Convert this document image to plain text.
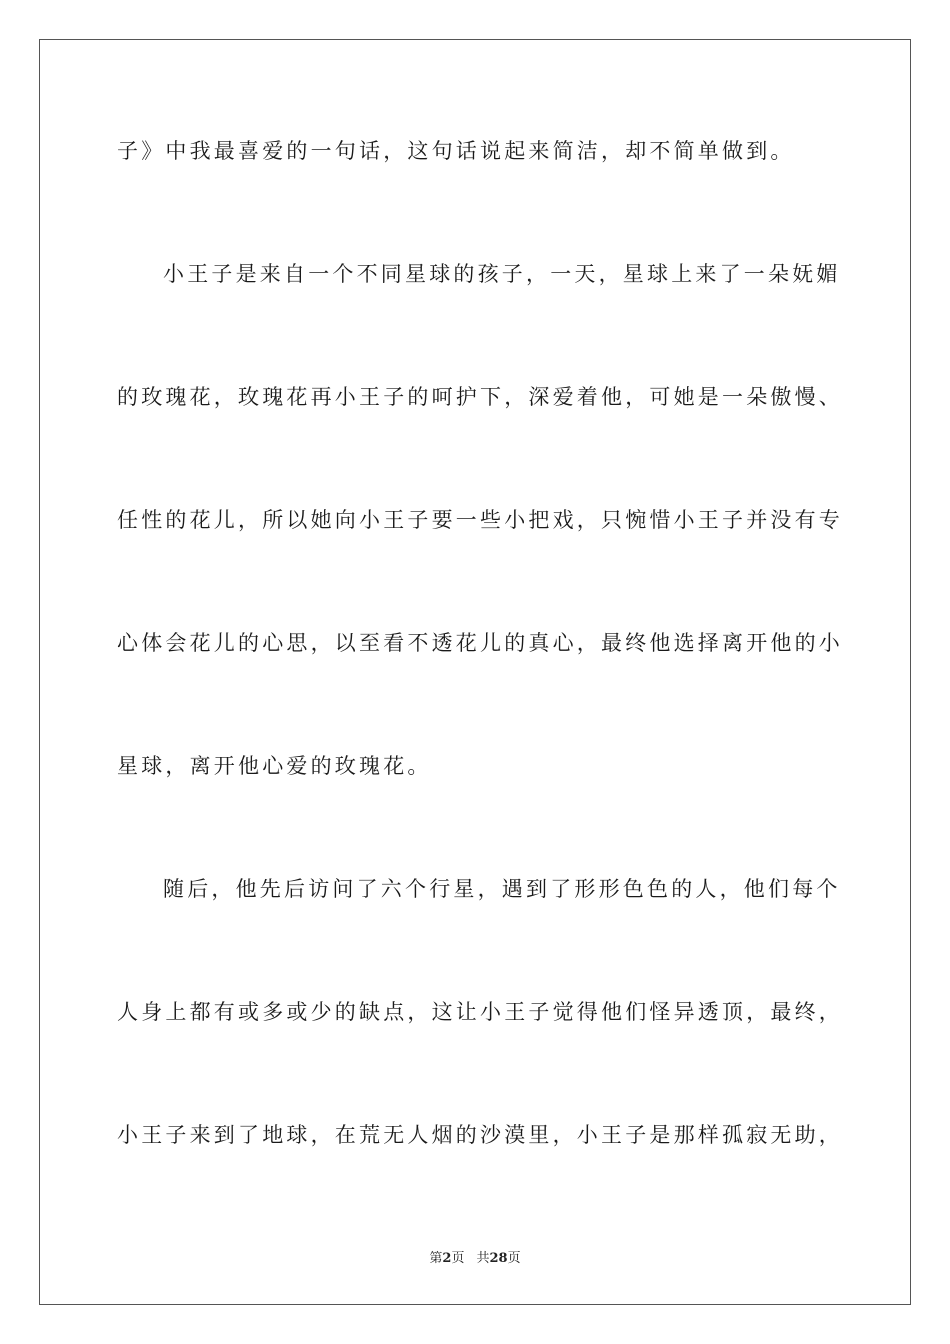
子》中我最喜爱的一句话，这句话说起来简洁，却不简单做到。
小王子是来自一个不同星球的孩子，一天，星球上来了一朵妩媚
的玫瑰花，玫瑰花再小王子的呵护下，深爱着他，可她是一朵傲慢、
任性的花儿，所以她向小王子要一些小把戏，只惋惜小王子并没有专
心体会花儿的心思，以至看不透花儿的真心，最终他选择离开他的小
星球，离开他心爱的玫瑰花。
随后，他先后访问了六个行星，遇到了形形色色的人，他们每个
人身上都有或多或少的缺点，这让小王子觉得他们怪异透顶，最终，
小王子来到了地球，在荒无人烟的沙漠里，小王子是那样孤寂无助，
第2页 共28页
